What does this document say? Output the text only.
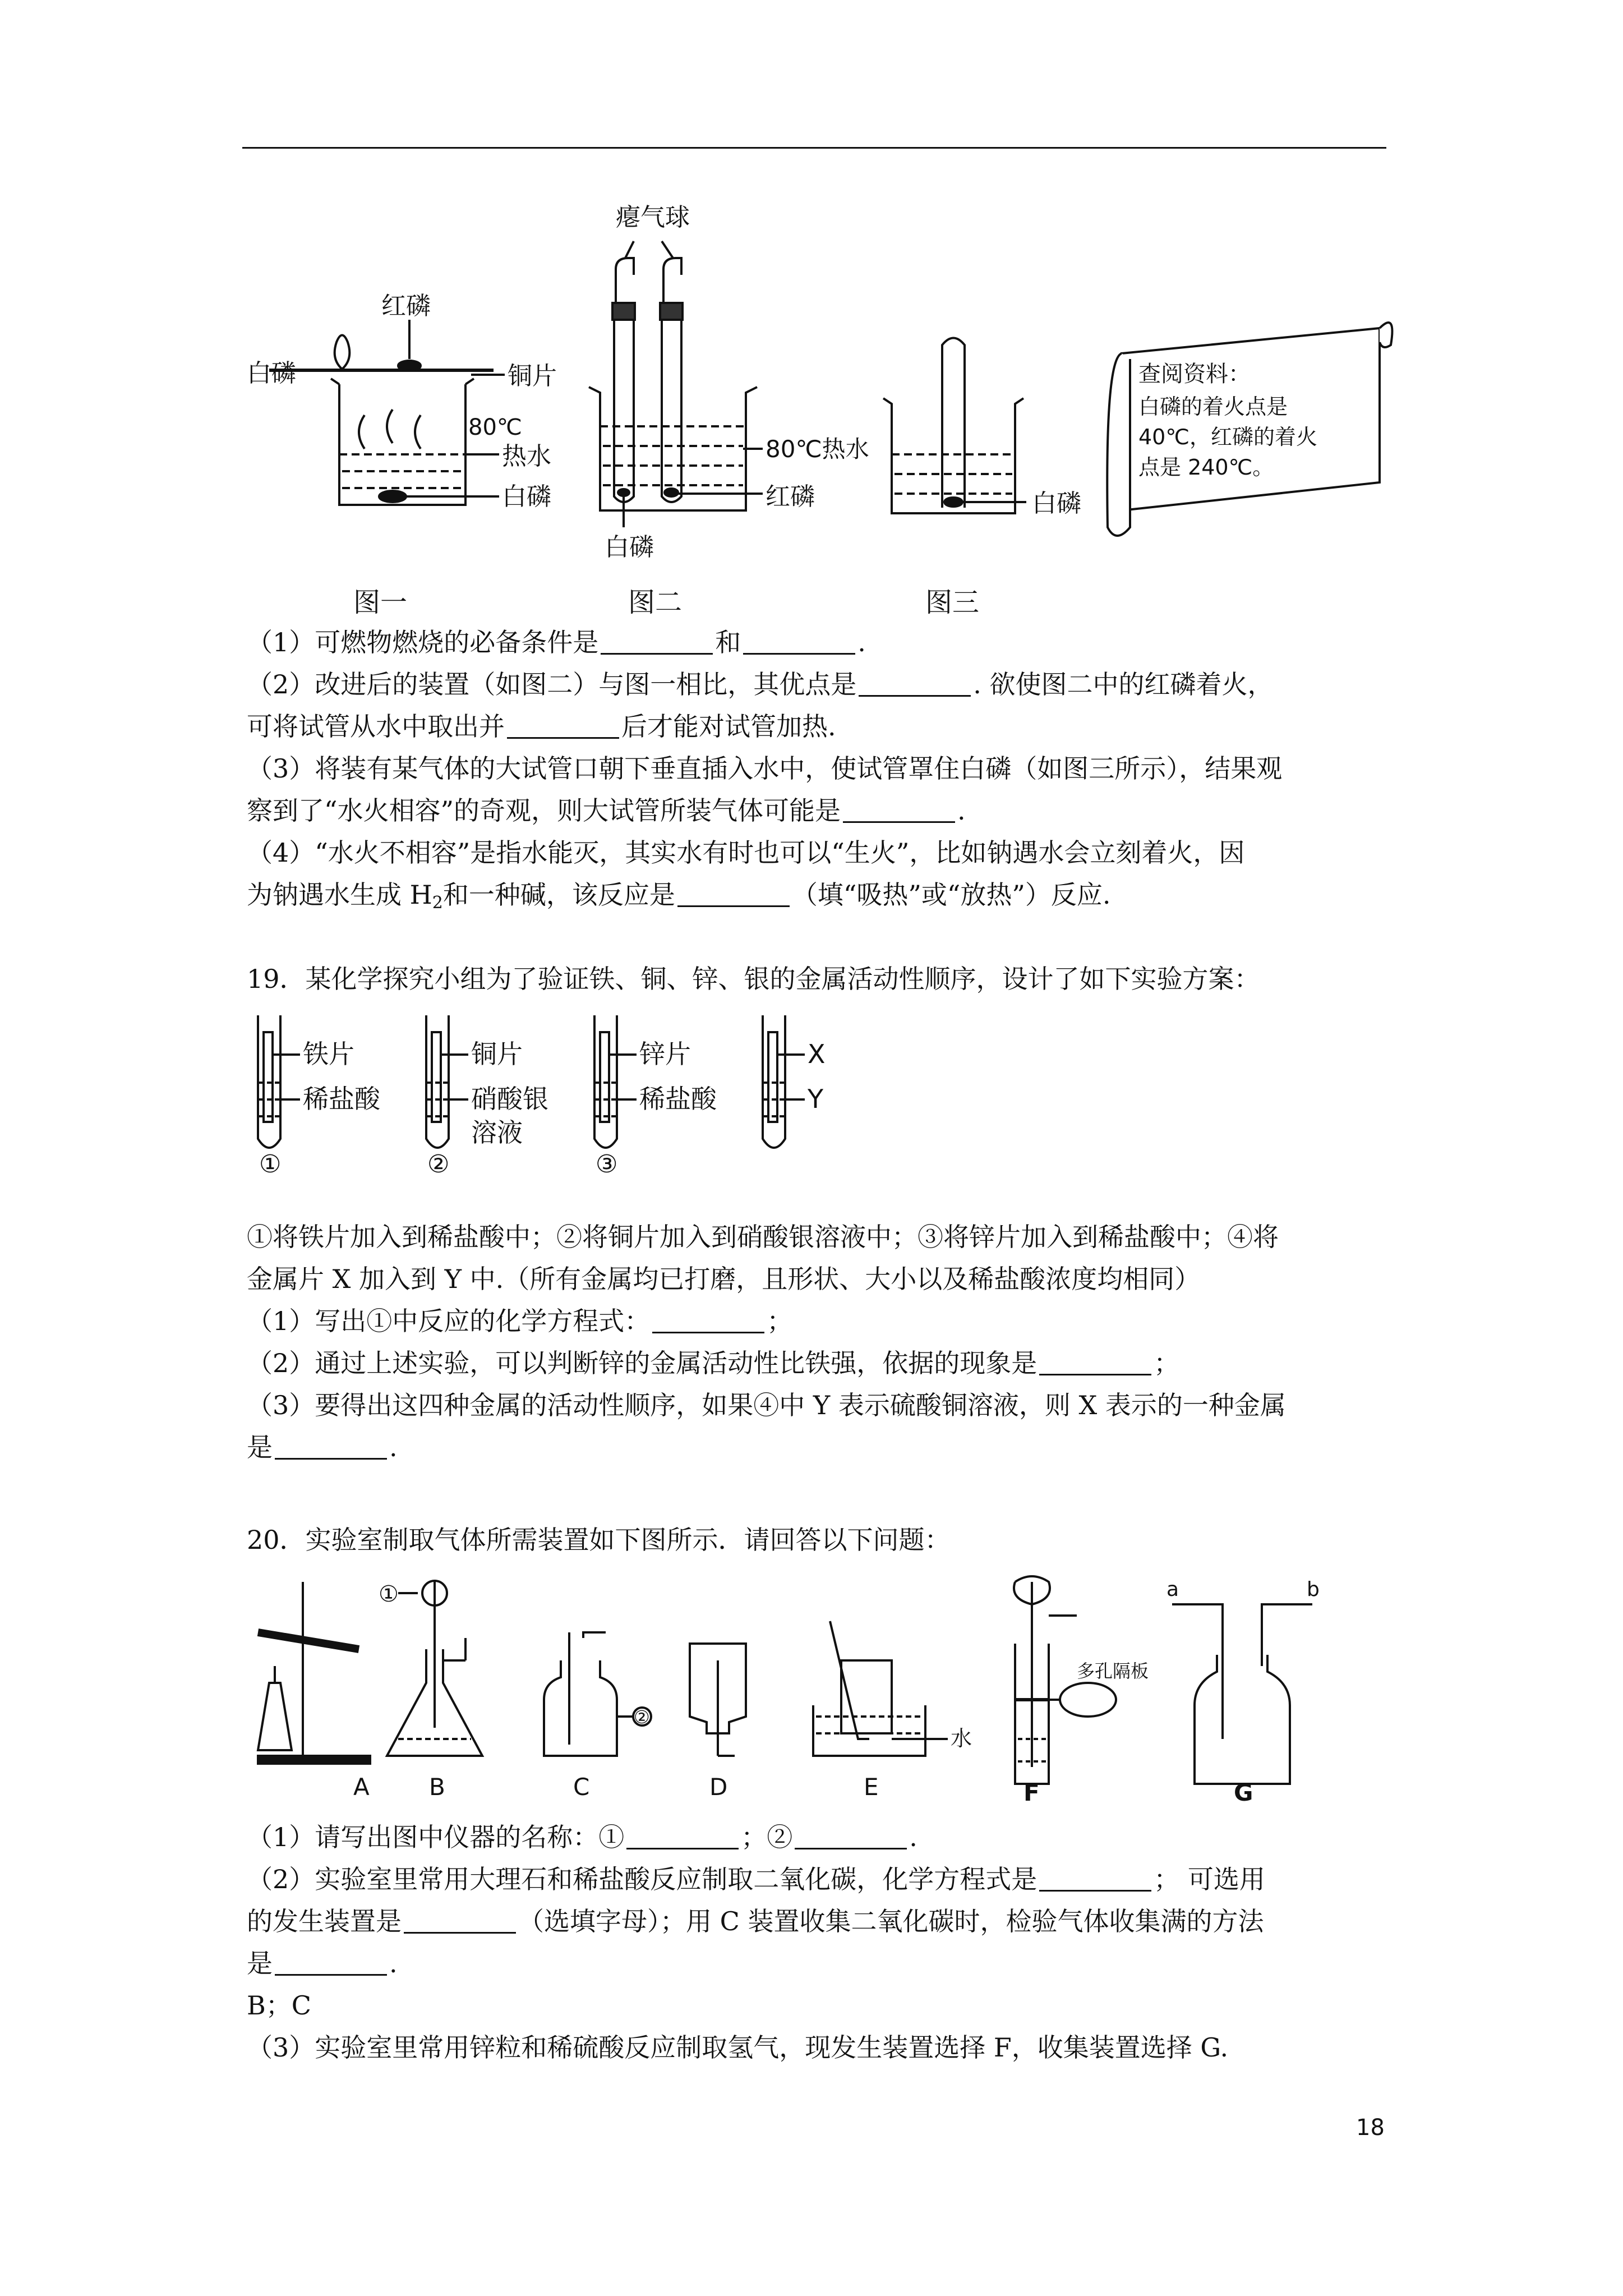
红磷
白磷	铜片
80℃
热水
白磷
图一
瘪气球
80℃热水
红磷
白磷
图二
白磷
图三
查阅资料：
白磷的着火点是
40℃，红磷的着火
点是 240℃。
（1）可燃物燃烧的必备条件是	和	.
（2）改进后的装置（如图二）与图一相比，其优点是	. 欲使图二中的红磷着火，
可将试管从水中取出并	后才能对试管加热.
（3）将装有某气体的大试管口朝下垂直插入水中，使试管罩住白磷（如图三所示），结果观
察到了“水火相容”的奇观，则大试管所装气体可能是	.
（4）“水火不相容”是指水能灭，其实水有时也可以“生火”，比如钠遇水会立刻着火，因
为钠遇水生成 $H_2$和一种碱，该反应是	（填“吸热”或“放热”）反应.
19．某化学探究小组为了验证铁、铜、锌、银的金属活动性顺序，设计了如下实验方案：
铁片
稀盐酸
①
铜片
硝酸银
溶液
②
锌片
稀盐酸
③
X
Y
①将铁片加入到稀盐酸中；②将铜片加入到硝酸银溶液中；③将锌片加入到稀盐酸中；④将
金属片 X 加入到 Y 中.（所有金属均已打磨，且形状、大小以及稀盐酸浓度均相同）
（1）写出①中反应的化学方程式：	；
（2）通过上述实验，可以判断锌的金属活动性比铁强，依据的现象是	；
（3）要得出这四种金属的活动性顺序，如果④中 Y 表示硫酸铜溶液，则 X 表示的一种金属
是	.
20．实验室制取气体所需装置如下图所示．请回答以下问题：
A	B	C	D	E	F	G
①
②
水
多孔隔板
a	b
（1）请写出图中仪器的名称：①	；②	.
（2）实验室里常用大理石和稀盐酸反应制取二氧化碳，化学方程式是	； 可选用
的发生装置是	（选填字母）；用 C 装置收集二氧化碳时，检验气体收集满的方法
是	.
B；C
（3）实验室里常用锌粒和稀硫酸反应制取氢气，现发生装置选择 F，收集装置选择 G.
18
